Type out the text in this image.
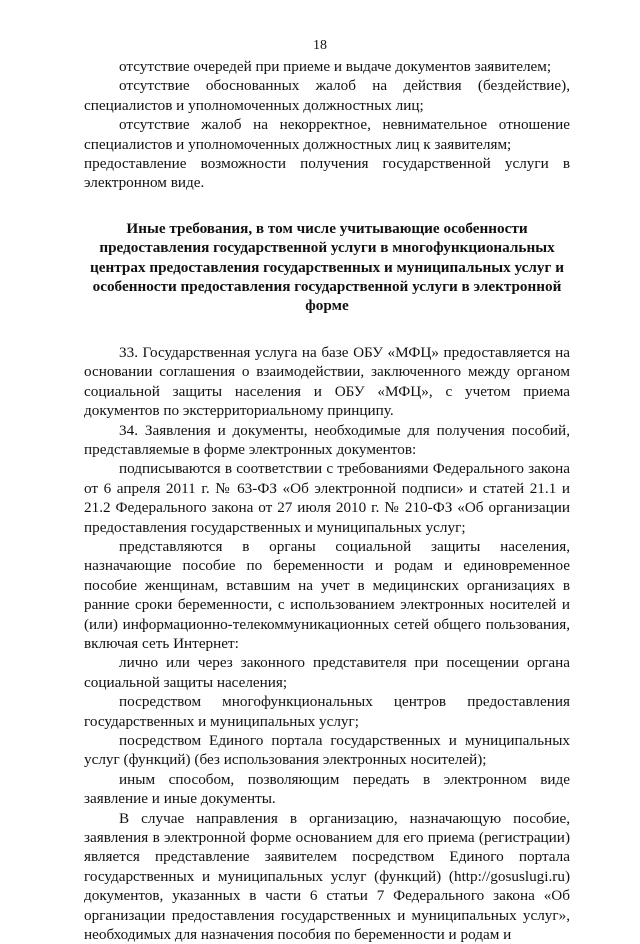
18

отсутствие очередей при приеме и выдаче документов заявителем;

отсутствие обоснованных жалоб на действия (бездействие), специалистов и уполномоченных должностных лиц;

отсутствие жалоб на некорректное, невнимательное отношение специалистов и уполномоченных должностных лиц к заявителям;

предоставление возможности получения государственной услуги в электронном виде.

Иные требования, в том числе учитывающие особенности предоставления государственной услуги в многофункциональных центрах предоставления государственных и муниципальных услуг и особенности предоставления государственной услуги в электронной форме

33. Государственная услуга на базе ОБУ «МФЦ» предоставляется на основании соглашения о взаимодействии, заключенного между органом социальной защиты населения и ОБУ «МФЦ», с учетом приема документов по экстерриториальному принципу.

34. Заявления и документы, необходимые для получения пособий, представляемые в форме электронных документов:

подписываются в соответствии с требованиями Федерального закона от 6 апреля 2011 г. № 63-ФЗ «Об электронной подписи» и статей 21.1 и 21.2 Федерального закона от 27 июля 2010 г. № 210-ФЗ «Об организации предоставления государственных и муниципальных услуг;

представляются в органы социальной защиты населения, назначающие пособие по беременности и родам и единовременное пособие женщинам, вставшим на учет в медицинских организациях в ранние сроки беременности, с использованием электронных носителей и (или) информационно-телекоммуникационных сетей общего пользования, включая сеть Интернет:

лично или через законного представителя при посещении органа социальной защиты населения;

посредством многофункциональных центров предоставления государственных и муниципальных услуг;

посредством Единого портала государственных и муниципальных услуг (функций) (без использования электронных носителей);

иным способом, позволяющим передать в электронном виде заявление и иные документы.

В случае направления в организацию, назначающую пособие, заявления в электронной форме основанием для его приема (регистрации) является представление заявителем посредством Единого портала государственных и муниципальных услуг (функций) (http://gosuslugi.ru) документов, указанных в части 6 статьи 7 Федерального закона «Об организации предоставления государственных и муниципальных услуг», необходимых для назначения пособия по беременности и родам и
